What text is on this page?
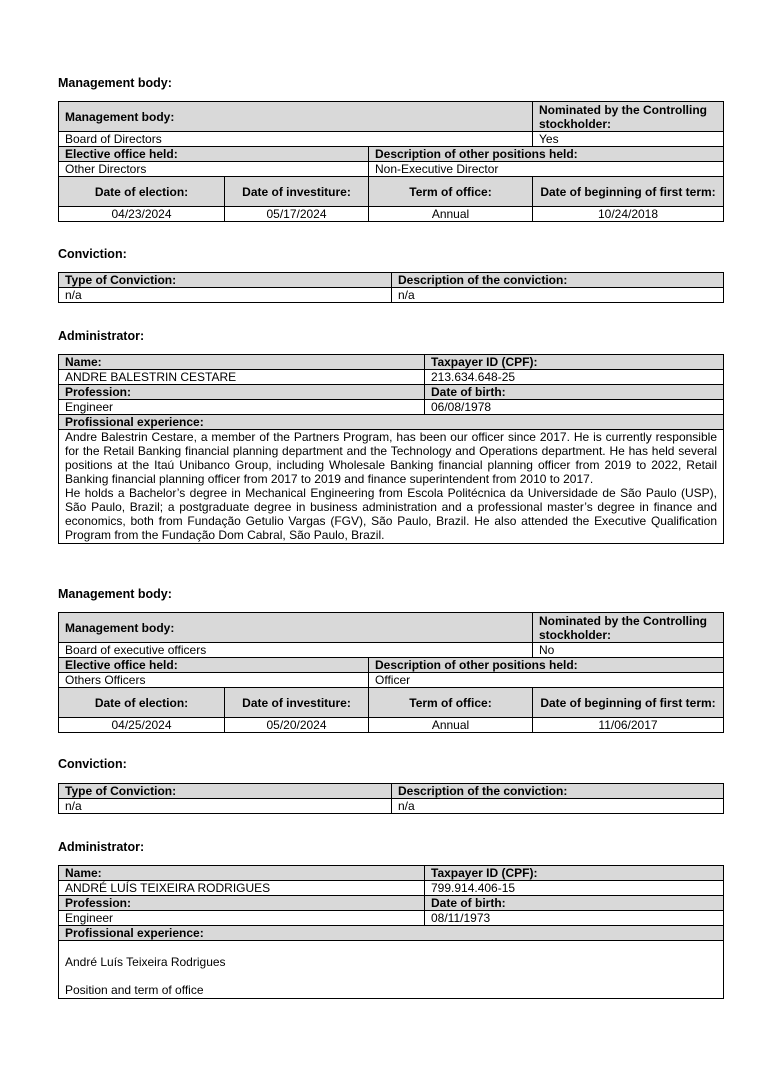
Management body:
Management body:			Nominated by the Controlling stockholder:
Board of Directors			Yes
Elective office held:		Description of other positions held:	
Other Directors		Non-Executive Director	
Date of election:	Date of investiture:	Term of office:	Date of beginning of first term:
04/23/2024	05/17/2024	Annual	10/24/2018
Conviction:
Type of Conviction:	Description of the conviction:
n/a	n/a
Administrator:
Name:	Taxpayer ID (CPF):
ANDRE BALESTRIN CESTARE	213.634.648-25
Profession:	Date of birth:
Engineer	06/08/1978
Profissional experience:	

Andre Balestrin Cestare, a member of the Partners Program, has been our officer since 2017. He is currently responsible for the Retail Banking financial planning department and the Technology and Operations department. He has held several positions at the Itaú Unibanco Group, including Wholesale Banking financial planning officer from 2019 to 2022, Retail Banking financial planning officer from 2017 to 2019 and finance superintendent from 2010 to 2017.

He holds a Bachelor’s degree in Mechanical Engineering from Escola Politécnica da Universidade de São Paulo (USP), São Paulo, Brazil; a postgraduate degree in business administration and a professional master’s degree in finance and economics, both from Fundação Getulio Vargas (FGV), São Paulo, Brazil. He also attended the Executive Qualification Program from the Fundação Dom Cabral, São Paulo, Brazil.	

Management body:
Management body:			Nominated by the Controlling stockholder:
Board of executive officers			No
Elective office held:		Description of other positions held:	
Others Officers		Officer	
Date of election:	Date of investiture:	Term of office:	Date of beginning of first term:
04/25/2024	05/20/2024	Annual	11/06/2017
Conviction:
Type of Conviction:	Description of the conviction:
n/a	n/a
Administrator:
Name:	Taxpayer ID (CPF):
ANDRÉ LUÍS TEIXEIRA RODRIGUES	799.914.406-15
Profession:	Date of birth:
Engineer	08/11/1973
Profissional experience:	

André Luís Teixeira Rodrigues
Position and term of office	
